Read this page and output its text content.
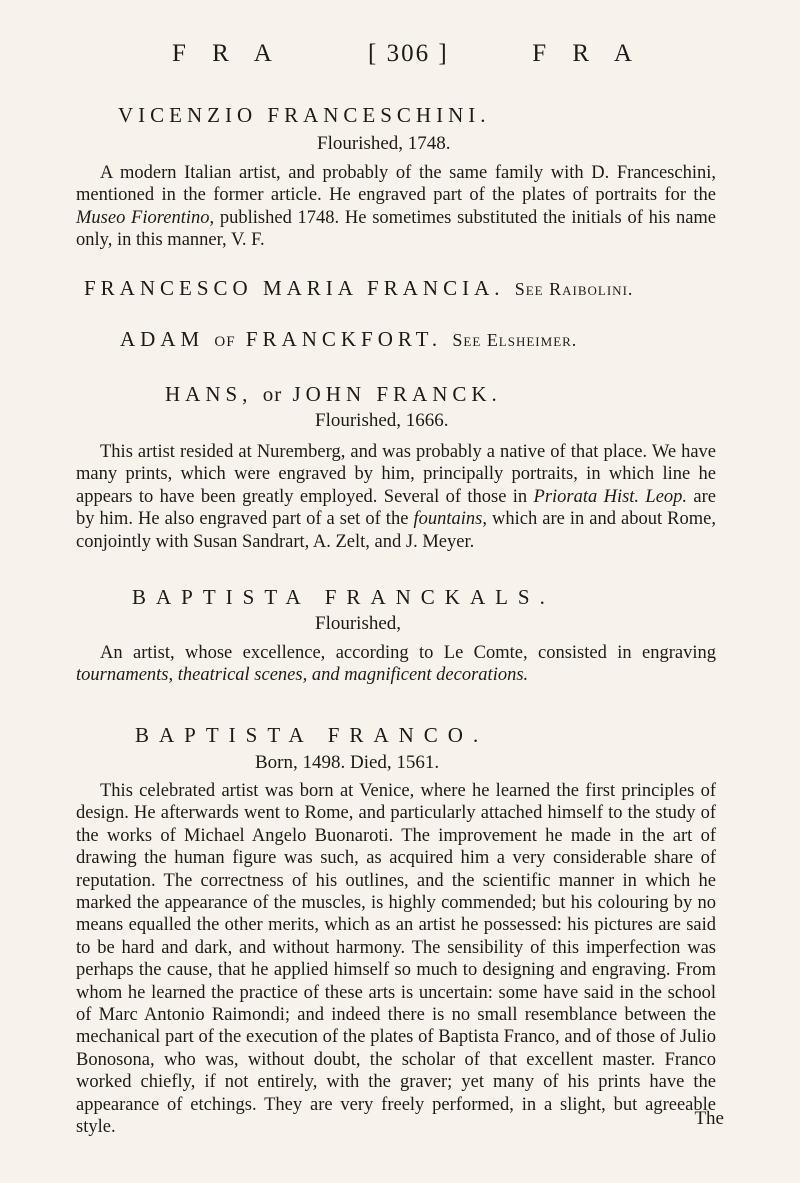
F R A	[ 306 ]	F R A
VICENZIO FRANCESCHINI.
Flourished, 1748.

A modern Italian artist, and probably of the same family with D. Franceschini, mentioned in the former article. He engraved part of the plates of portraits for the Museo Fiorentino, published 1748. He sometimes substituted the initials of his name only, in this manner, V. F.

FRANCESCO MARIA FRANCIA. See Raibolini.
ADAM of FRANCKFORT. See Elsheimer.
HANS, or JOHN FRANCK.
Flourished, 1666.

This artist resided at Nuremberg, and was probably a native of that place. We have many prints, which were engraved by him, principally portraits, in which line he appears to have been greatly employed. Several of those in Priorata Hist. Leop. are by him. He also engraved part of a set of the fountains, which are in and about Rome, conjointly with Susan Sandrart, A. Zelt, and J. Meyer.

BAPTISTA FRANCKALS.
Flourished,

An artist, whose excellence, according to Le Comte, consisted in engraving tournaments, theatrical scenes, and magnificent decorations.

BAPTISTA FRANCO.
Born, 1498. Died, 1561.
This celebrated artist was born at Venice, where he learned the first principles of design. He afterwards went to Rome, and particularly attached himself to the study of the works of Michael Angelo Buonaroti. The improvement he made in the art of drawing the human figure was such, as acquired him a very considerable share of reputation. The correctness of his outlines, and the scientific manner in which he marked the appearance of the muscles, is highly commended; but his colouring by no means equalled the other merits, which as an artist he possessed: his pictures are said to be hard and dark, and without harmony. The sensibility of this imperfection was perhaps the cause, that he applied himself so much to designing and engraving. From whom he learned the practice of these arts is uncertain: some have said in the school of Marc Antonio Raimondi; and indeed there is no small resemblance between the mechanical part of the execution of the plates of Baptista Franco, and of those of Julio Bonosona, who was, without doubt, the scholar of that excellent master. Franco worked chiefly, if not entirely, with the graver; yet many of his prints have the appearance of etchings. They are very freely performed, in a slight, but agreeable style.	The
